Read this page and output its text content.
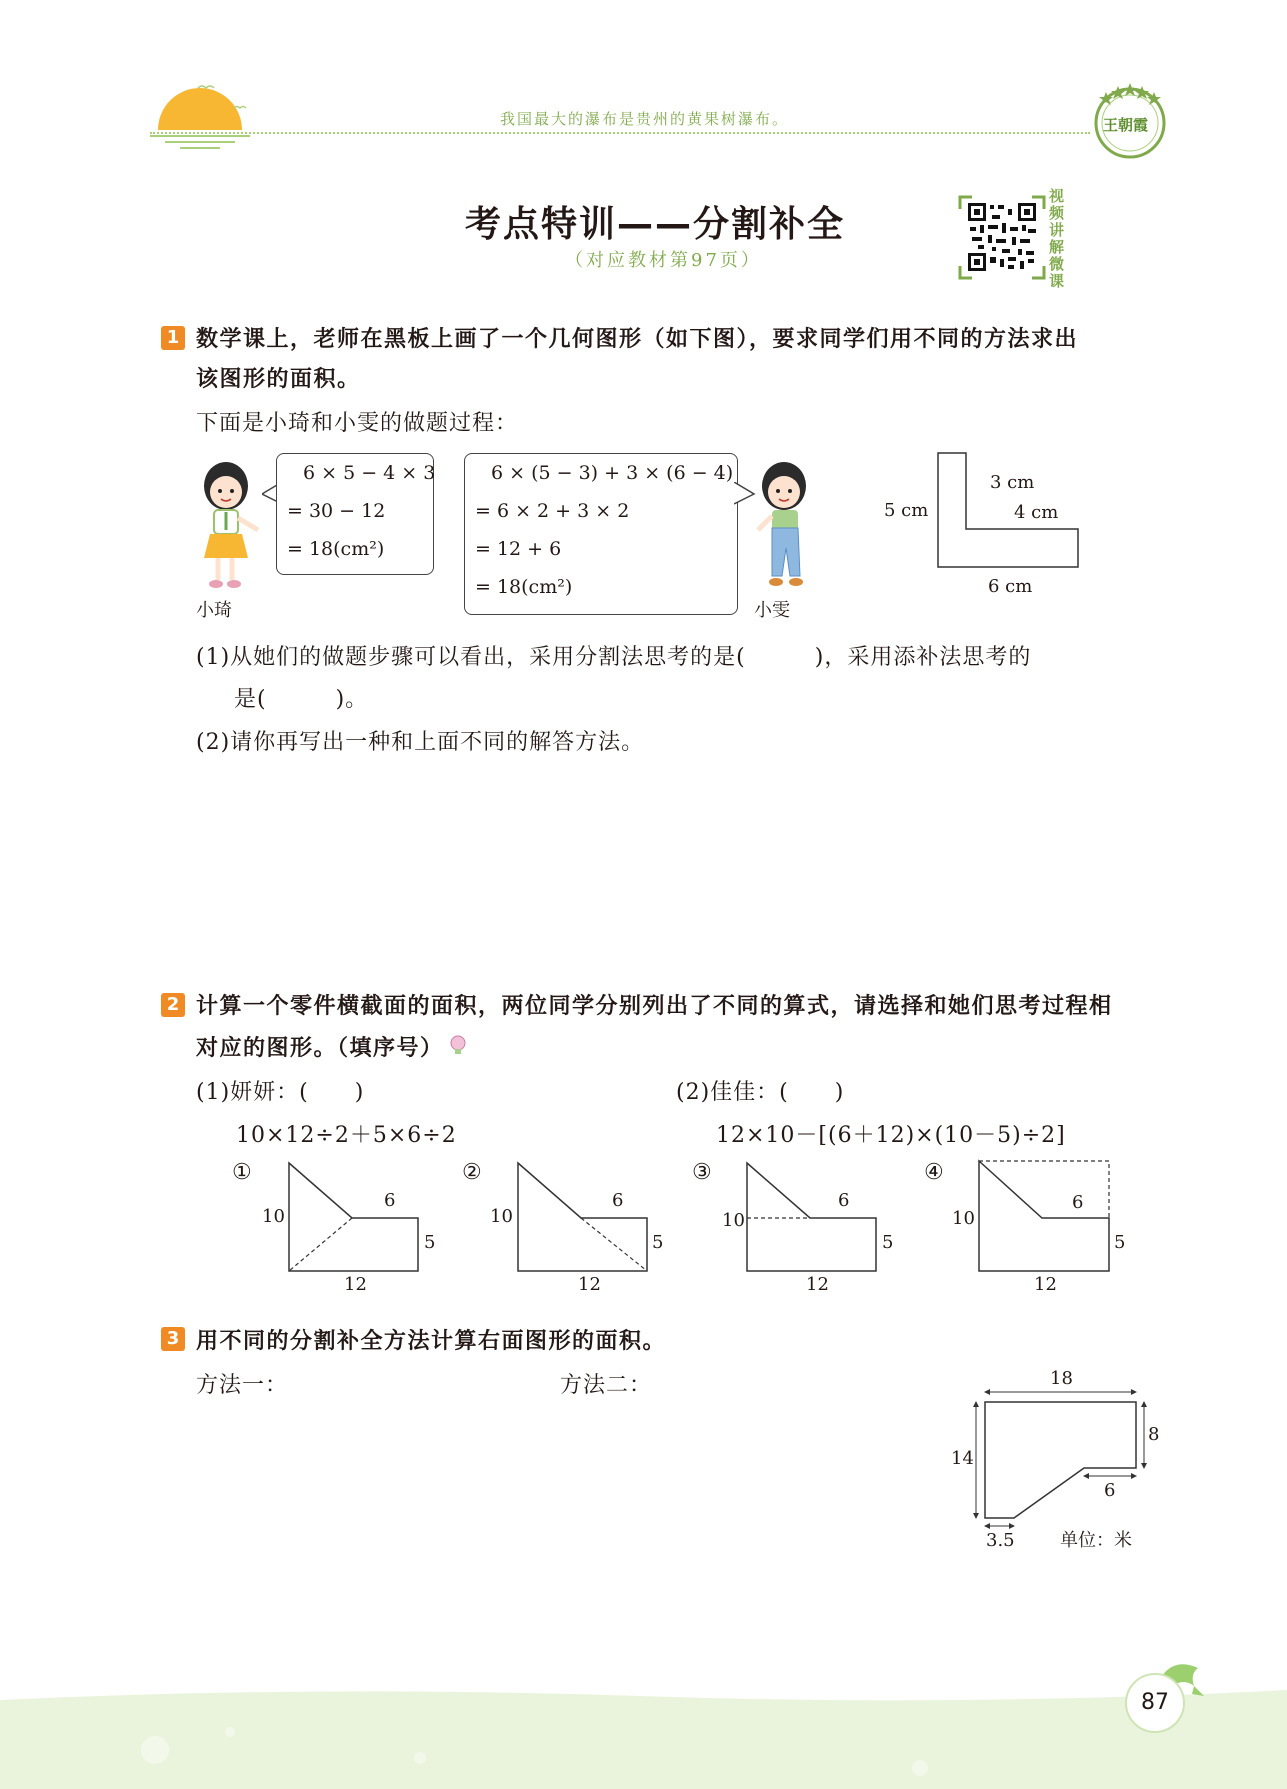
我国最大的瀑布是贵州的黄果树瀑布。	王朝霞
考点特训——分割补全
（对应教材第97页）
视频讲解微课
1 数学课上，老师在黑板上画了一个几何图形（如下图），要求同学们用不同的方法求出
该图形的面积。
下面是小琦和小雯的做题过程：
小琦
6 × 5 − 4 × 3
= 30 − 12
= 18(cm²)
6 × (5 − 3) + 3 × (6 − 4)
= 6 × 2 + 3 × 2
= 12 + 6
= 18(cm²)
小雯
5 cm
3 cm
4 cm
6 cm
(1)从她们的做题步骤可以看出，采用分割法思考的是(　　　)，采用添补法思考的
是(　　　)。
(2)请你再写出一种和上面不同的解答方法。
2 计算一个零件横截面的面积，两位同学分别列出了不同的算式，请选择和她们思考过程相
对应的图形。（填序号）
(1)妍妍：(　　)
10×12÷2＋5×6÷2
(2)佳佳：(　　)
12×10－[(6＋12)×(10－5)÷2]
①
10
6
5
12
②
10
6
5
12
③
10
6
5
12
④
10
6
5
12
3 用不同的分割补全方法计算右面图形的面积。
方法一：	方法二：	18
14
8
6
3.5	单位：米
87
